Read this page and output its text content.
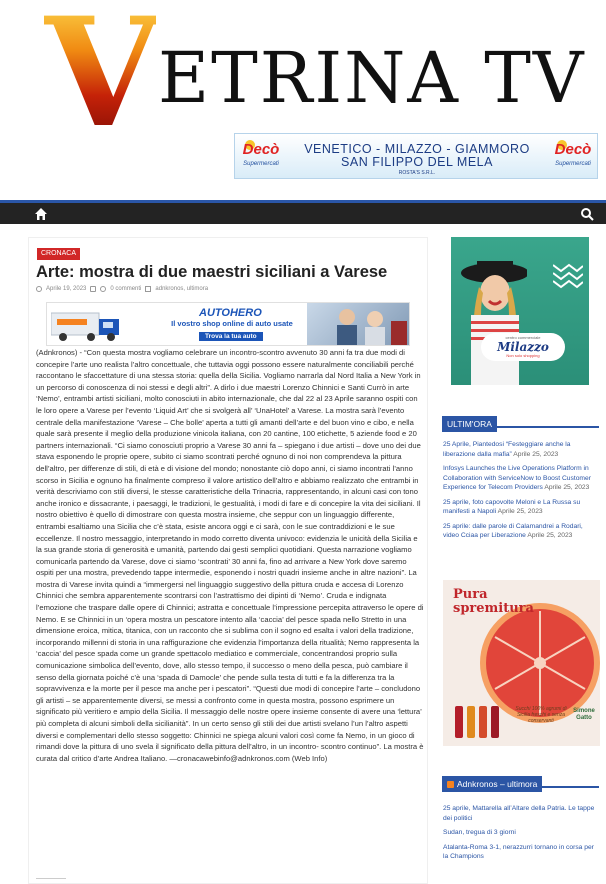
V ETRINA TV
Decò
Supermercati
VENETICO - MILAZZO - GIAMMORO
SAN FILIPPO DEL MELA
ROSTA'S S.R.L.
Decò
Supermercati
CRONACA
Arte: mostra di due maestri siciliani a Varese
Aprile 19, 2023	0 commenti adnkronos, ultimora
AUTOHERO
Il vostro shop online di auto usate
Trova la tua auto

(Adnkronos) - “Con questa mostra vogliamo celebrare un incontro-scontro avvenuto 30 anni fa tra due modi di concepire l’arte uno realista l’altro concettuale, che tuttavia oggi possono essere naturalmente conciliabili perché raccontano le sfaccettature di una stessa storia: quella della Sicilia. Vogliamo narrarla dal Nord Italia a New York in un percorso di conoscenza di noi stessi e degli altri”. A dirlo i due maestri Lorenzo Chinnici e Santi Currò in arte ‘Nemo’, entrambi artisti siciliani, molto conosciuti in abito internazionale, che dal 22 al 23 Aprile saranno ospiti con le loro opere a Varese per l’evento ‘Liquid Art’ che si svolgerà all’ ‘UnaHotel’ a Varese. La mostra sarà l’evento centrale della manifestazione ‘Varese – Che bolle’ aperta a tutti gli amanti dell’arte e del buon vino e cibo, e nella quale sarà presente il meglio della produzione vinicola italiana, con 20 cantine, 100 etichette, 5 aziende food e 20 partners internazionali. “Ci siamo conosciuti proprio a Varese 30 anni fa – spiegano i due artisti – dove uno dei due stava esponendo le proprie opere, subito ci siamo scontrati perché ognuno di noi non comprendeva la pittura dell’altro, per differenze di stili, di età e di visione del mondo; nonostante ciò dopo anni, ci siamo incontrati l’anno scorso in Sicilia e ognuno ha finalmente compreso il valore artistico dell’altro e abbiamo realizzato che entrambi in verità descriviamo con stili diversi, le stesse caratteristiche della Trinacria, rappresentando, in alcuni casi con tono anche ironico e dissacrante, i paesaggi, le tradizioni, le gestualità, i modi di fare e di concepire la vita dei siciliani. Il nostro obiettivo è quello di dimostrare con questa mostra insieme, che seppur con un linguaggio differente, entrambi esaltiamo una Sicilia che c’è stata, esiste ancora oggi e ci sarà, con le sue contraddizioni e le sue eccellenze. Il nostro messaggio, interpretando in modo corretto diventa univoco: evidenzia le unicità della Sicilia e la sua grande storia di generosità e umanità, partendo dai gesti semplici quotidiani. Questa narrazione vogliamo comunicarla partendo da Varese, dove ci siamo ‘scontrati’ 30 anni fa, fino ad arrivare a New York dove saremo ospiti per una mostra, prevedendo tappe intermedie, esponendo i nostri quadri insieme anche in altre nazioni”. La mostra di Varese invita quindi a “immergersi nel linguaggio suggestivo della pittura cruda e accesa di Lorenzo Chinnici che sembra apparentemente scontrarsi con l’astrattismo dei dipinti di ‘Nemo’. Cruda e indignata l’emozione che traspare dalle opere di Chinnici; astratta e concettuale l’impressione percepita attraverso le opere di Nemo. E se Chinnici in un ‘opera mostra un pescatore intento alla ‘caccia’ del pesce spada nello Stretto in una dimensione eroica, mitica, titanica, con un racconto che si sublima con il sogno ed esalta i valori della tradizione, incorporando millenni di storia in una raffigurazione che evidenzia l’importanza della ritualità; Nemo rappresenta la ‘caccia’ del pesce spada come un grande spettacolo mediatico e commerciale, concentrandosi proprio sulla comunicazione simbolica dell’evento, dove, allo stesso tempo, il successo o meno della pesca, può cambiare il senso della giornata poiché c’è una ‘spada di Damocle’ che pende sulla testa di tutti e fa la differenza tra la sopravvivenza e la morte per il pesce ma anche per i pescatori”. “Questi due modi di concepire l’arte – concludono gli artisti – se apparentemente diversi, se messi a confronto come in questa mostra, possono esprimere un significato più veritiero e ampio della Sicilia. Il messaggio delle nostre opere insieme consente di avere una ‘lettura’ più completa di alcuni simboli della sicilianità”. In un certo senso gli stili dei due artisti svelano l’un l’altro aspetti diversi e complementari dello stesso soggetto: Chinnici ne spiega alcuni valori così come fa Nemo, in un gioco di rimandi dove la pittura di uno svela il significato della pittura dell’altro, in un incontro- scontro continuo”. La mostra è curata dal critico d’arte Andrea Italiano. —cronacawebinfo@adnkronos.com (Web Info)

centro commerciale
Milazzo
Non solo shopping
ULTIM'ORA
25 Aprile, Piantedosi “Festeggiare anche la liberazione dalla mafia” Aprile 25, 2023
Infosys Launches the Live Operations Platform in Collaboration with ServiceNow to Boost Customer Experience for Telecom Providers Aprile 25, 2023
25 aprile, foto capovolte Meloni e La Russa su manifesti a Napoli Aprile 25, 2023
25 aprile: dalle parole di Calamandrei a Rodari, video Cciaa per Liberazione Aprile 25, 2023
Pura
spremitura
Succhi 100% agrumi di Sicilia freschi e senza conservanti
Simone Gatto
Adnkronos – ultimora
25 aprile, Mattarella all’Altare della Patria. Le tappe dei politici
Sudan, tregua di 3 giorni
Atalanta-Roma 3-1, nerazzurri tornano in corsa per la Champions
